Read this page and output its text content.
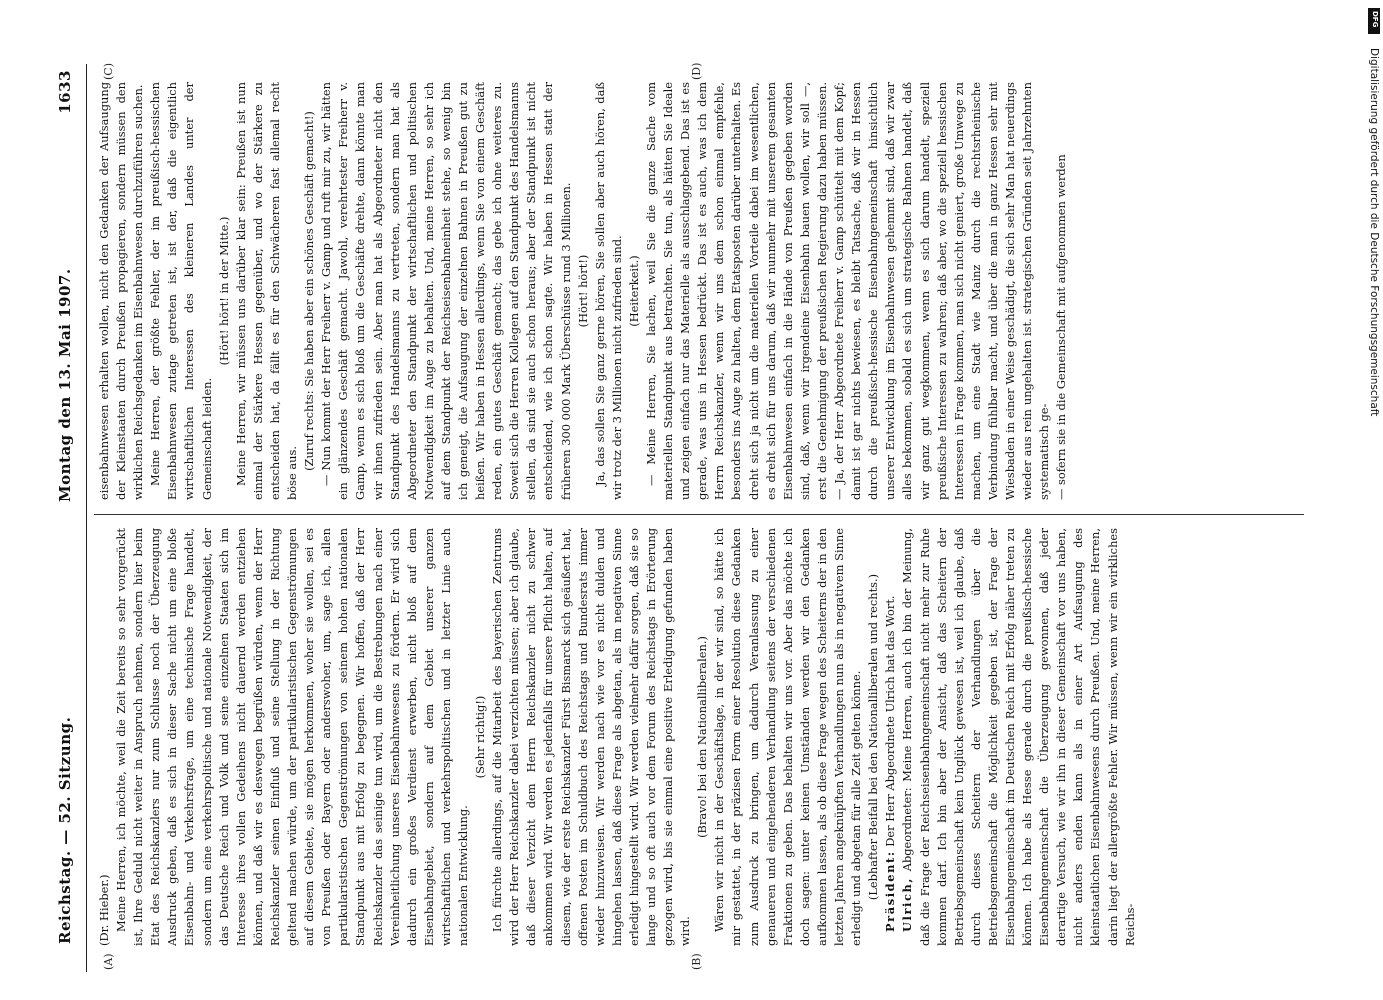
Reichstag. — 52. Sitzung.
Montag den 13. Mai 1907.
1633
(A)	(B)
(C)	(D)

(Dr. Hieber.) Meine Herren, ich möchte, weil die Zeit bereits so sehr vorgerückt ist, Ihre Geduld nicht weiter in Anspruch nehmen, sondern hier beim Etat des Reichskanzlers nur zum Schlusse noch der Überzeugung Ausdruck geben, daß es sich in dieser Sache nicht um eine bloße Eisenbahn- und Verkehrsfrage, um eine technische Frage handelt, sondern um eine verkehrspolitische und nationale Notwendigkeit, der das Deutsche Reich und Volk und seine einzelnen Staaten sich im Interesse ihres vollen Gedeihens nicht dauernd werden entziehen können, und daß wir es deswegen begrüßen würden, wenn der Herr Reichskanzler seinen Einfluß und seine Stellung in der Richtung geltend machen würde, um der partikularistischen Gegenströmungen auf diesem Gebiete, sie mögen herkommen, woher sie wollen, sei es von Preußen oder Bayern oder anderswoher, um, sage ich, allen partikularistischen Gegenströmungen von seinem hohen nationalen Standpunkt aus mit Erfolg zu begegnen. Wir hoffen, daß der Herr Reichskanzler das seinige tun wird, um die Bestrebungen nach einer Vereinheitlichung unseres Eisenbahnwesens zu fördern. Er wird sich dadurch ein großes Verdienst erwerben, nicht bloß auf dem Eisenbahngebiet, sondern auf dem Gebiet unserer ganzen wirtschaftlichen und verkehrspolitischen und in letzter Linie auch nationalen Entwicklung.

(Sehr richtig!) Ich fürchte allerdings, auf die Mitarbeit des bayerischen Zentrums wird der Herr Reichskanzler dabei verzichten müssen; aber ich glaube, daß dieser Verzicht dem Herrn Reichskanzler nicht zu schwer ankommen wird. Wir werden es jedenfalls für unsere Pflicht halten, auf diesem, wie der erste Reichskanzler Fürst Bismarck sich geäußert hat, offenen Posten im Schuldbuch des Reichstags und Bundesrats immer wieder hinzuweisen. Wir werden nach wie vor es nicht dulden und hingehen lassen, daß diese Frage als abgetan, als im negativen Sinne erledigt hingestellt wird. Wir werden vielmehr dafür sorgen, daß sie so lange und so oft auch vor dem Forum des Reichstags in Erörterung gezogen wird, bis sie einmal eine positive Erledigung gefunden haben wird.

(Bravo! bei den Nationalliberalen.) Wären wir nicht in der Geschäftslage, in der wir sind, so hätte ich mir gestattet, in der präzisen Form einer Resolution diese Gedanken zum Ausdruck zu bringen, um dadurch Veranlassung zu einer genaueren und eingehenderen Verhandlung seitens der verschiedenen Fraktionen zu geben. Das behalten wir uns vor. Aber das möchte ich doch sagen: unter keinen Umständen werden wir den Gedanken aufkommen lassen, als ob diese Frage wegen des Scheiterns der in den letzten Jahren angeknüpften Verhandlungen nun als in negativem Sinne erledigt und abgetan für alle Zeit gelten könne. (Lebhafter Beifall bei den Nationalliberalen und rechts.) Präsident: Der Herr Abgeordnete Ulrich hat das Wort.

Ulrich, Abgeordneter: Meine Herren, auch ich bin der Meinung, daß die Frage der Reichseisenbahngemeinschaft nicht mehr zur Ruhe kommen darf. Ich bin aber der Ansicht, daß das Scheitern der Betriebsgemeinschaft kein Unglück gewesen ist, weil ich glaube, daß durch dieses Scheitern der Verhandlungen über die Betriebsgemeinschaft die Möglichkeit gegeben ist, der Frage der Eisenbahngemeinschaft im Deutschen Reich mit Erfolg näher treten zu können. Ich habe als Hesse gerade durch die preußisch-hessische Eisenbahngemeinschaft die Überzeugung gewonnen, daß jeder derartige Versuch, wie wir ihn in dieser Gemeinschaft vor uns haben, nicht anders enden kann als in einer Art Aufsaugung des kleinstaatlichen Eisenbahnwesens durch Preußen. Und, meine Herren, darin liegt der allergrößte Fehler. Wir müssen, wenn wir ein wirkliches Reichs-

eisenbahnwesen erhalten wollen, nicht den Gedanken der Aufsaugung der Kleinstaaten durch Preußen propagieren, sondern müssen den wirklichen Reichsgedanken im Eisenbahnwesen durchzuführen suchen. Meine Herren, der größte Fehler, der im preußisch-hessischen Eisenbahnwesen zutage getreten ist, ist der, daß die eigentlich wirtschaftlichen Interessen des kleineren Landes unter der Gemeinschaft leiden.

(Hört! hört! in der Mitte.) Meine Herren, wir müssen uns darüber klar sein: Preußen ist nun einmal der Stärkere Hessen gegenüber, und wo der Stärkere zu entscheiden hat, da fällt es für den Schwächeren fast allemal recht böse aus.

(Zuruf rechts: Sie haben aber ein schönes Geschäft gemacht!) — Nun kommt der Herr Freiherr v. Gamp und ruft mir zu, wir hätten ein glänzendes Geschäft gemacht. Jawohl, verehrtester Freiherr v. Gamp, wenn es sich bloß um die Geschäfte drehte, dann könnte man wir ihnen zufrieden sein. Aber man hat als Abgeordneter nicht den Standpunkt des Handelsmanns zu vertreten, sondern man hat als Abgeordneter den Standpunkt der wirtschaftlichen und politischen Notwendigkeit im Auge zu behalten. Und, meine Herren, so sehr ich auf dem Standpunkt der Reichseisenbahneinheit stehe, so wenig bin ich geneigt, die Aufsaugung der einzelnen Bahnen in Preußen gut zu heißen. Wir haben in Hessen allerdings, wenn Sie von einem Geschäft reden, ein gutes Geschäft gemacht; das gebe ich ohne weiteres zu. Soweit sich die Herren Kollegen auf den Standpunkt des Handelsmanns stellen, da sind sie auch schon heraus; aber der Standpunkt ist nicht entscheidend, wie ich schon sagte. Wir haben in Hessen statt der früheren 300 000 Mark Überschüsse rund 3 Millionen. (Hört! hört!) Ja, das sollen Sie ganz gerne hören, Sie sollen aber auch hören, daß wir trotz der 3 Millionen nicht zufrieden sind. (Heiterkeit.) — Meine Herren, Sie lachen, weil Sie die ganze Sache vom materiellen Standpunkt aus betrachten. Sie tun, als hätten Sie Ideale und zeigen einfach nur das Materielle als ausschlaggebend. Das ist es gerade, was uns in Hessen bedrückt. Das ist es auch, was ich dem Herrn Reichskanzler, wenn wir uns dem schon einmal empfehle, besonders ins Auge zu halten, dem Etatsposten darüber unterhalten. Es dreht sich ja nicht um die materiellen Vorteile dabei im wesentlichen, es dreht sich für uns darum, daß wir nunmehr mit unserem gesamten Eisenbahnwesen einfach in die Hände von Preußen gegeben worden sind, daß, wenn wir irgendeine Eisenbahn bauen wollen, wir soll —, erst die Genehmigung der preußischen Regierung dazu haben müssen. — Ja, der Herr Abgeordnete Freiherr v. Gamp schüttelt mit dem Kopf; damit ist gar nichts bewiesen, es bleibt Tatsache, daß wir in Hessen durch die preußisch-hessische Eisenbahngemeinschaft hinsichtlich unserer Entwicklung im Eisenbahnwesen gehemmt sind, daß wir zwar alles bekommen, sobald es sich um strategische Bahnen handelt, daß wir ganz gut wegkommen, wenn es sich darum handelt, speziell preußische Interessen zu wahren; daß aber, wo die speziell hessischen Interessen in Frage kommen, man sich nicht geniert, große Umwege zu machen, um eine Stadt wie Mainz durch die rechtsrheinische Verbindung fühlbar macht, und über die man in ganz Hessen sehr mit Wiesbaden in einer Weise geschädigt, die sich sehr Man hat neuerdings wieder aus rein ungehalten ist. strategischen Gründen seit Jahrzehnten systematisch ge- — sofern sie in die Gemeinschaft mit aufgenommen werden

DFG
Digitalisierung gefördert durch die Deutsche Forschungsgemeinschaft
